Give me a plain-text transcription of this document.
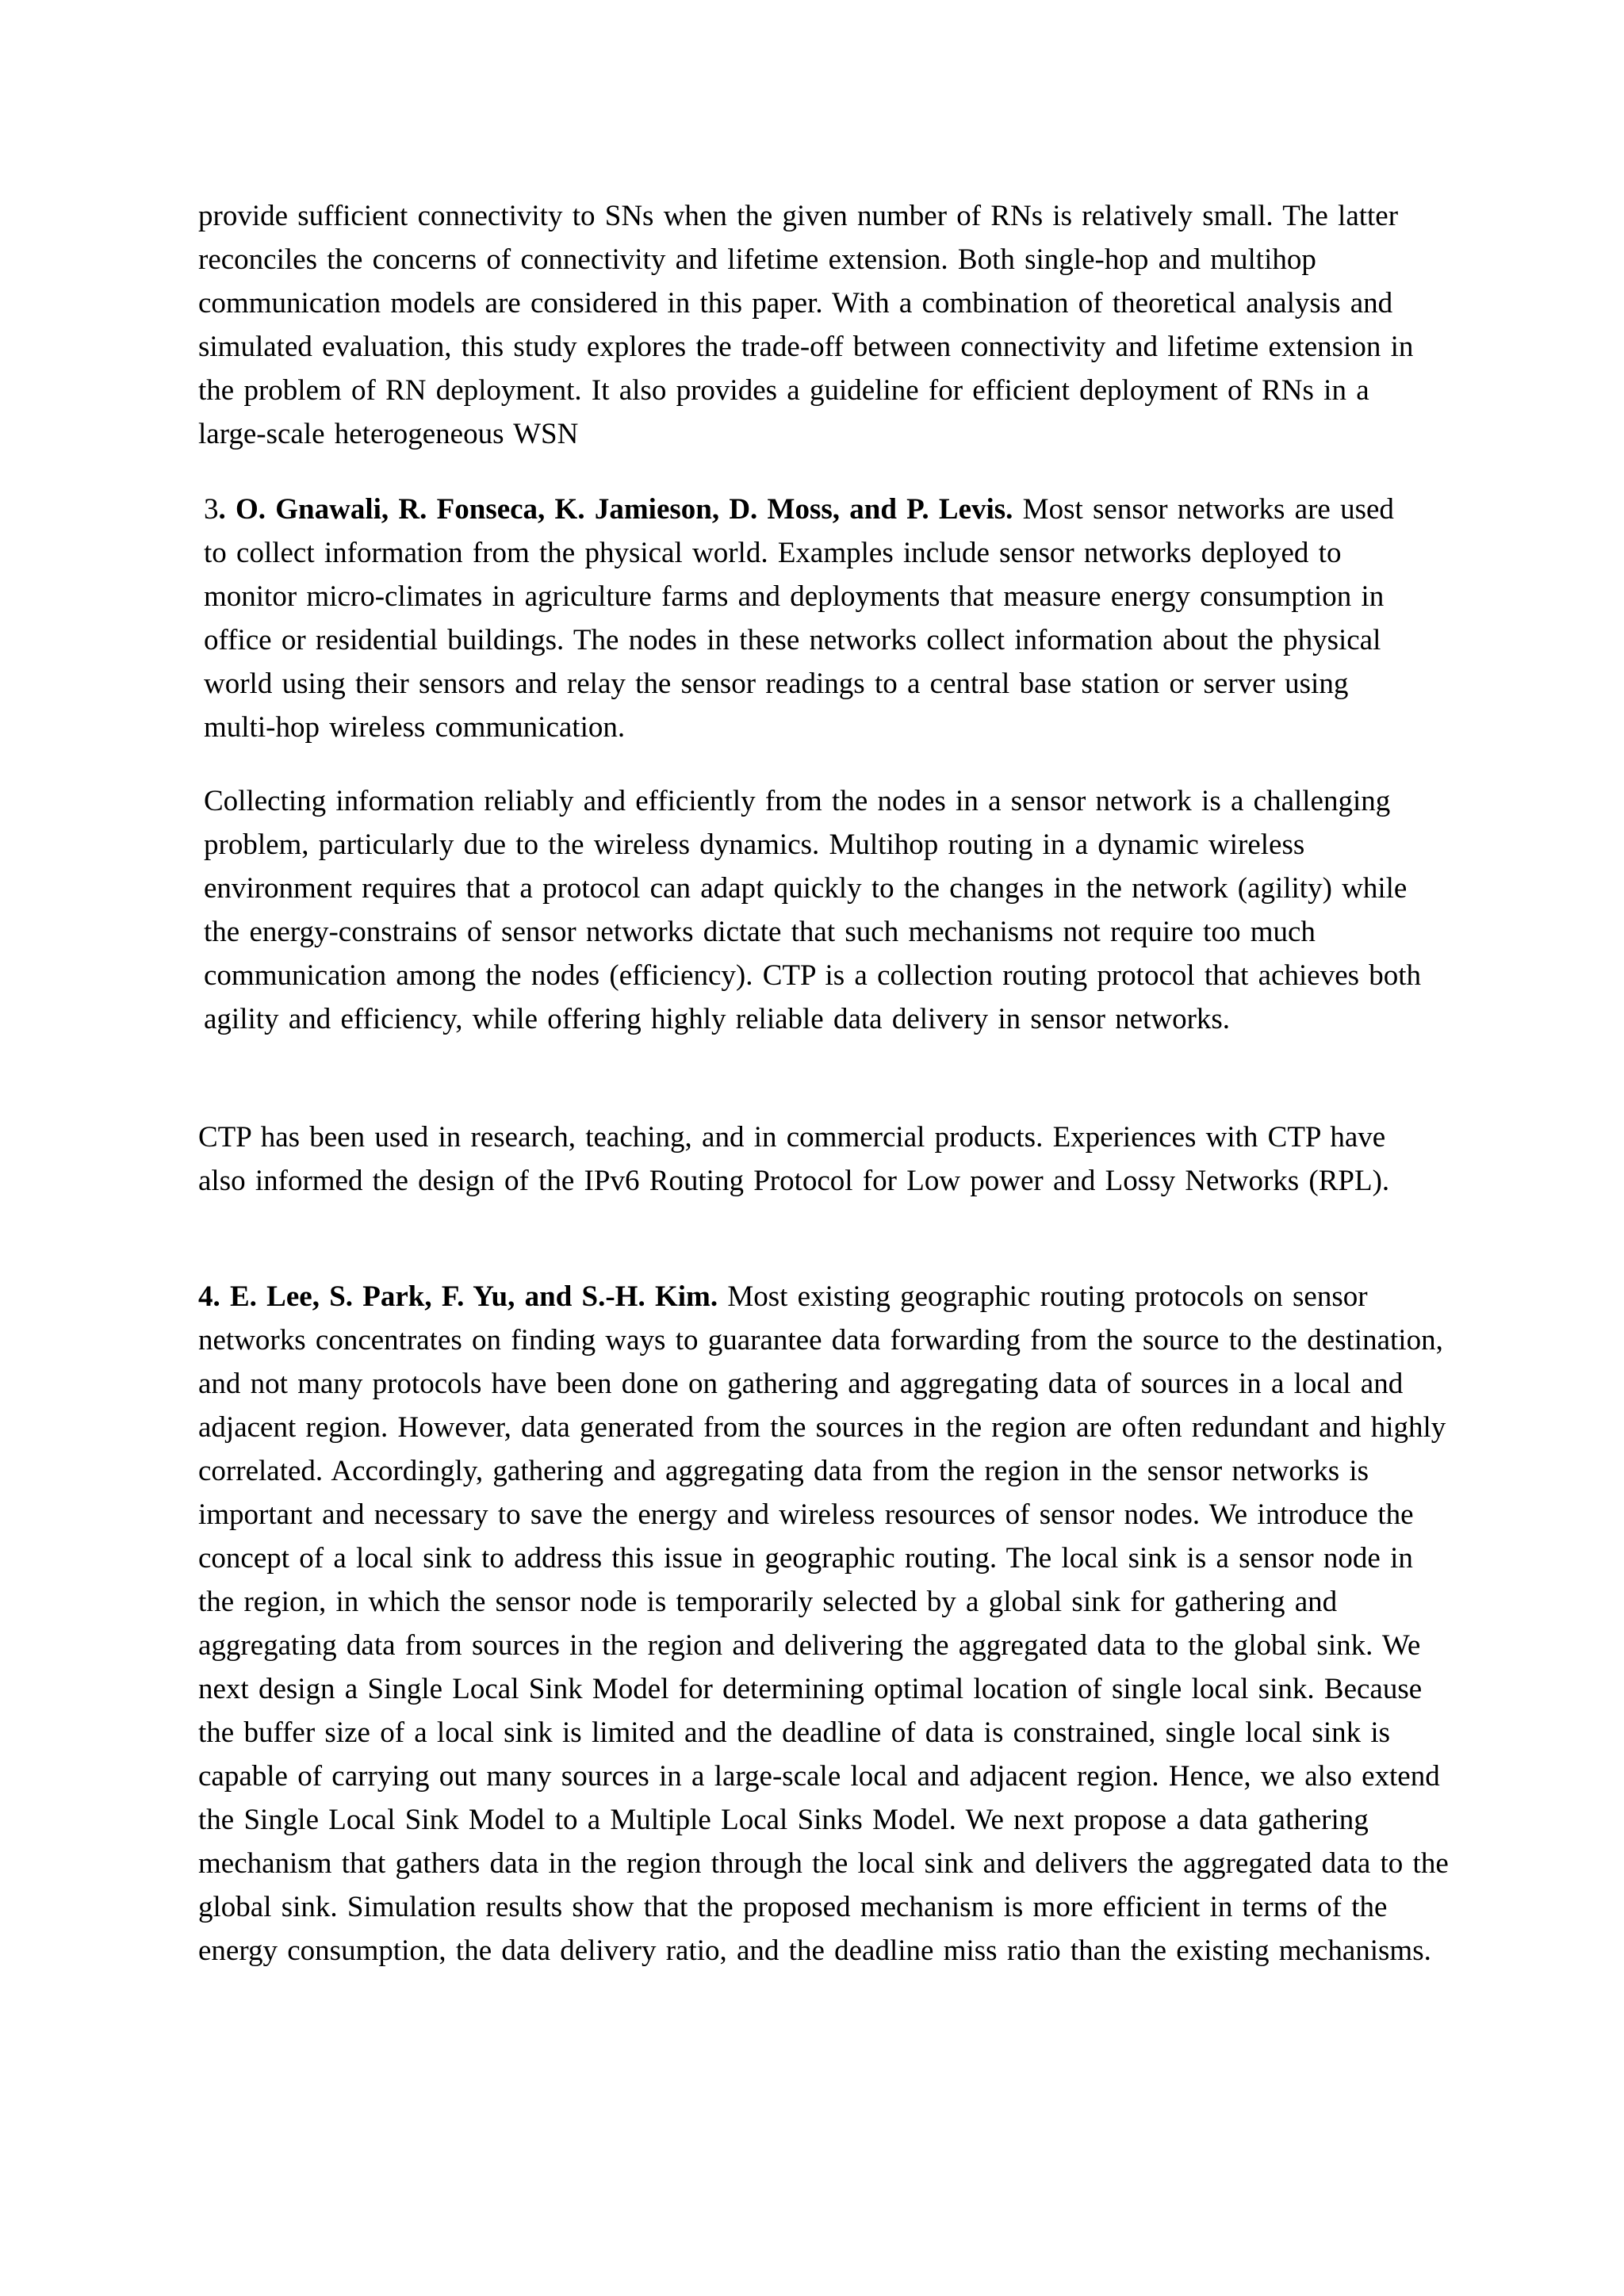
provide sufficient connectivity to SNs when the given number of RNs is relatively small. The latter reconciles the concerns of connectivity and lifetime extension. Both single-hop and multihop communication models are considered in this paper. With a combination of theoretical analysis and simulated evaluation, this study explores the trade-off between connectivity and lifetime extension in the problem of RN deployment. It also provides a guideline for efficient deployment of RNs in a large-scale heterogeneous WSN

3. O. Gnawali, R. Fonseca, K. Jamieson, D. Moss, and P. Levis. Most sensor networks are used to collect information from the physical world. Examples include sensor networks deployed to monitor micro-climates in agriculture farms and deployments that measure energy consumption in office or residential buildings. The nodes in these networks collect information about the physical world using their sensors and relay the sensor readings to a central base station or server using multi-hop wireless communication.

Collecting information reliably and efficiently from the nodes in a sensor network is a challenging problem, particularly due to the wireless dynamics. Multihop routing in a dynamic wireless environment requires that a protocol can adapt quickly to the changes in the network (agility) while the energy-constrains of sensor networks dictate that such mechanisms not require too much communication among the nodes (efficiency). CTP is a collection routing protocol that achieves both agility and efficiency, while offering highly reliable data delivery in sensor networks.

CTP has been used in research, teaching, and in commercial products. Experiences with CTP have also informed the design of the IPv6 Routing Protocol for Low power and Lossy Networks (RPL).

4. E. Lee, S. Park, F. Yu, and S.-H. Kim. Most existing geographic routing protocols on sensor networks concentrates on finding ways to guarantee data forwarding from the source to the destination, and not many protocols have been done on gathering and aggregating data of sources in a local and adjacent region. However, data generated from the sources in the region are often redundant and highly correlated. Accordingly, gathering and aggregating data from the region in the sensor networks is important and necessary to save the energy and wireless resources of sensor nodes. We introduce the concept of a local sink to address this issue in geographic routing. The local sink is a sensor node in the region, in which the sensor node is temporarily selected by a global sink for gathering and aggregating data from sources in the region and delivering the aggregated data to the global sink. We next design a Single Local Sink Model for determining optimal location of single local sink. Because the buffer size of a local sink is limited and the deadline of data is constrained, single local sink is capable of carrying out many sources in a large-scale local and adjacent region. Hence, we also extend the Single Local Sink Model to a Multiple Local Sinks Model. We next propose a data gathering mechanism that gathers data in the region through the local sink and delivers the aggregated data to the global sink. Simulation results show that the proposed mechanism is more efficient in terms of the energy consumption, the data delivery ratio, and the deadline miss ratio than the existing mechanisms.
